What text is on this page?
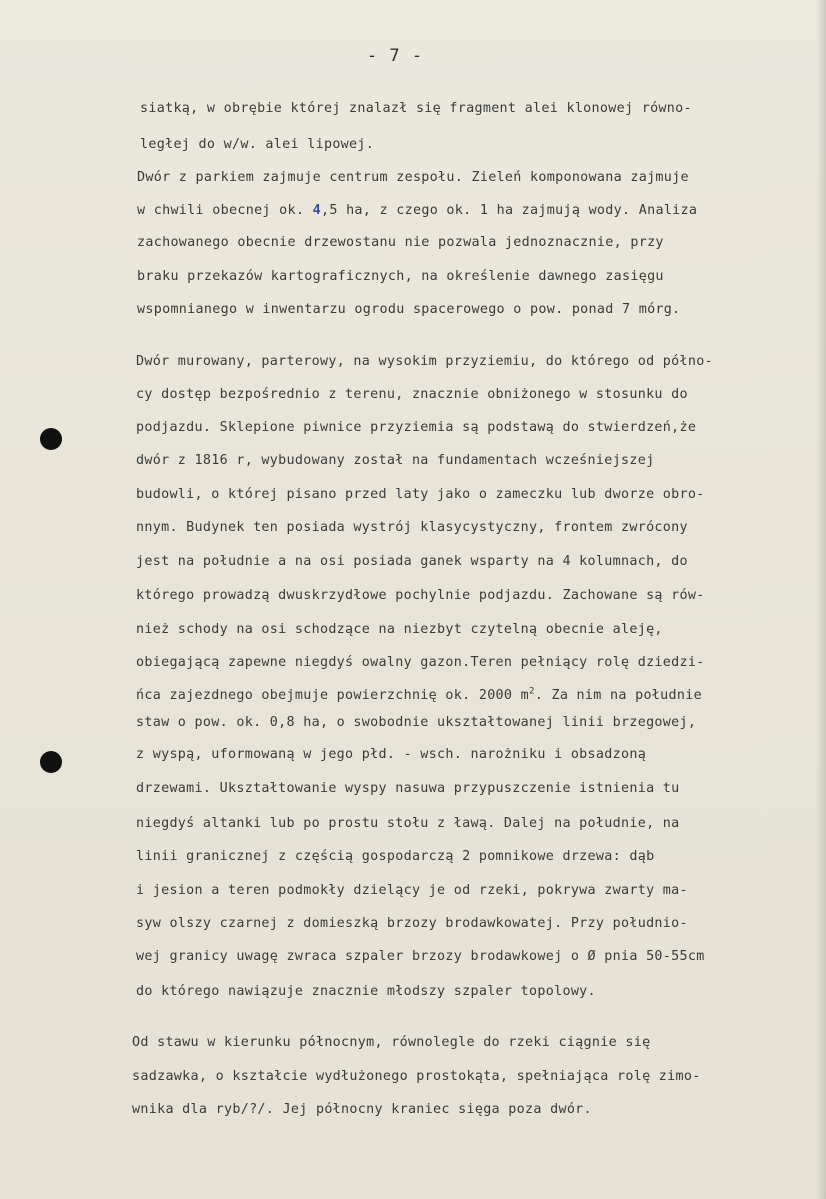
- 7 -
siatką, w obrębie której znalazł się fragment alei klonowej równo-
ległej do w/w. alei lipowej.
Dwór z parkiem zajmuje centrum zespołu. Zieleń komponowana zajmuje
w chwili obecnej ok. 4,5 ha, z czego ok. 1 ha zajmują wody. Analiza
zachowanego obecnie drzewostanu nie pozwala jednoznacznie, przy
braku przekazów kartograficznych, na określenie dawnego zasięgu
wspomnianego w inwentarzu ogrodu spacerowego o pow. ponad 7 mórg.
Dwór murowany, parterowy, na wysokim przyziemiu, do którego od półno-
cy dostęp bezpośrednio z terenu, znacznie obniżonego w stosunku do
podjazdu. Sklepione piwnice przyziemia są podstawą do stwierdzeń,że
dwór z 1816 r, wybudowany został na fundamentach wcześniejszej
budowli, o której pisano przed laty jako o zameczku lub dworze obro-
nnym. Budynek ten posiada wystrój klasycystyczny, frontem zwrócony
jest na południe a na osi posiada ganek wsparty na 4 kolumnach, do
którego prowadzą dwuskrzydłowe pochylnie podjazdu. Zachowane są rów-
nież schody na osi schodzące na niezbyt czytelną obecnie aleję,
obiegającą zapewne niegdyś owalny gazon.Teren pełniący rolę dziedzi-
ńca zajezdnego obejmuje powierzchnię ok. 2000 $m^2$. Za nim na południe
staw o pow. ok. 0,8 ha, o swobodnie ukształtowanej linii brzegowej,
z wyspą, uformowaną w jego płd. - wsch. narożniku i obsadzoną
drzewami. Ukształtowanie wyspy nasuwa przypuszczenie istnienia tu
niegdyś altanki lub po prostu stołu z ławą. Dalej na południe, na
linii granicznej z częścią gospodarczą 2 pomnikowe drzewa: dąb
i jesion a teren podmokły dzielący je od rzeki, pokrywa zwarty ma-
syw olszy czarnej z domieszką brzozy brodawkowatej. Przy południo-
wej granicy uwagę zwraca szpaler brzozy brodawkowej o Ø pnia 50-55cm
do którego nawiązuje znacznie młodszy szpaler topolowy.
Od stawu w kierunku północnym, równolegle do rzeki ciągnie się
sadzawka, o kształcie wydłużonego prostokąta, spełniająca rolę zimo-
wnika dla ryb/?/. Jej północny kraniec sięga poza dwór.
